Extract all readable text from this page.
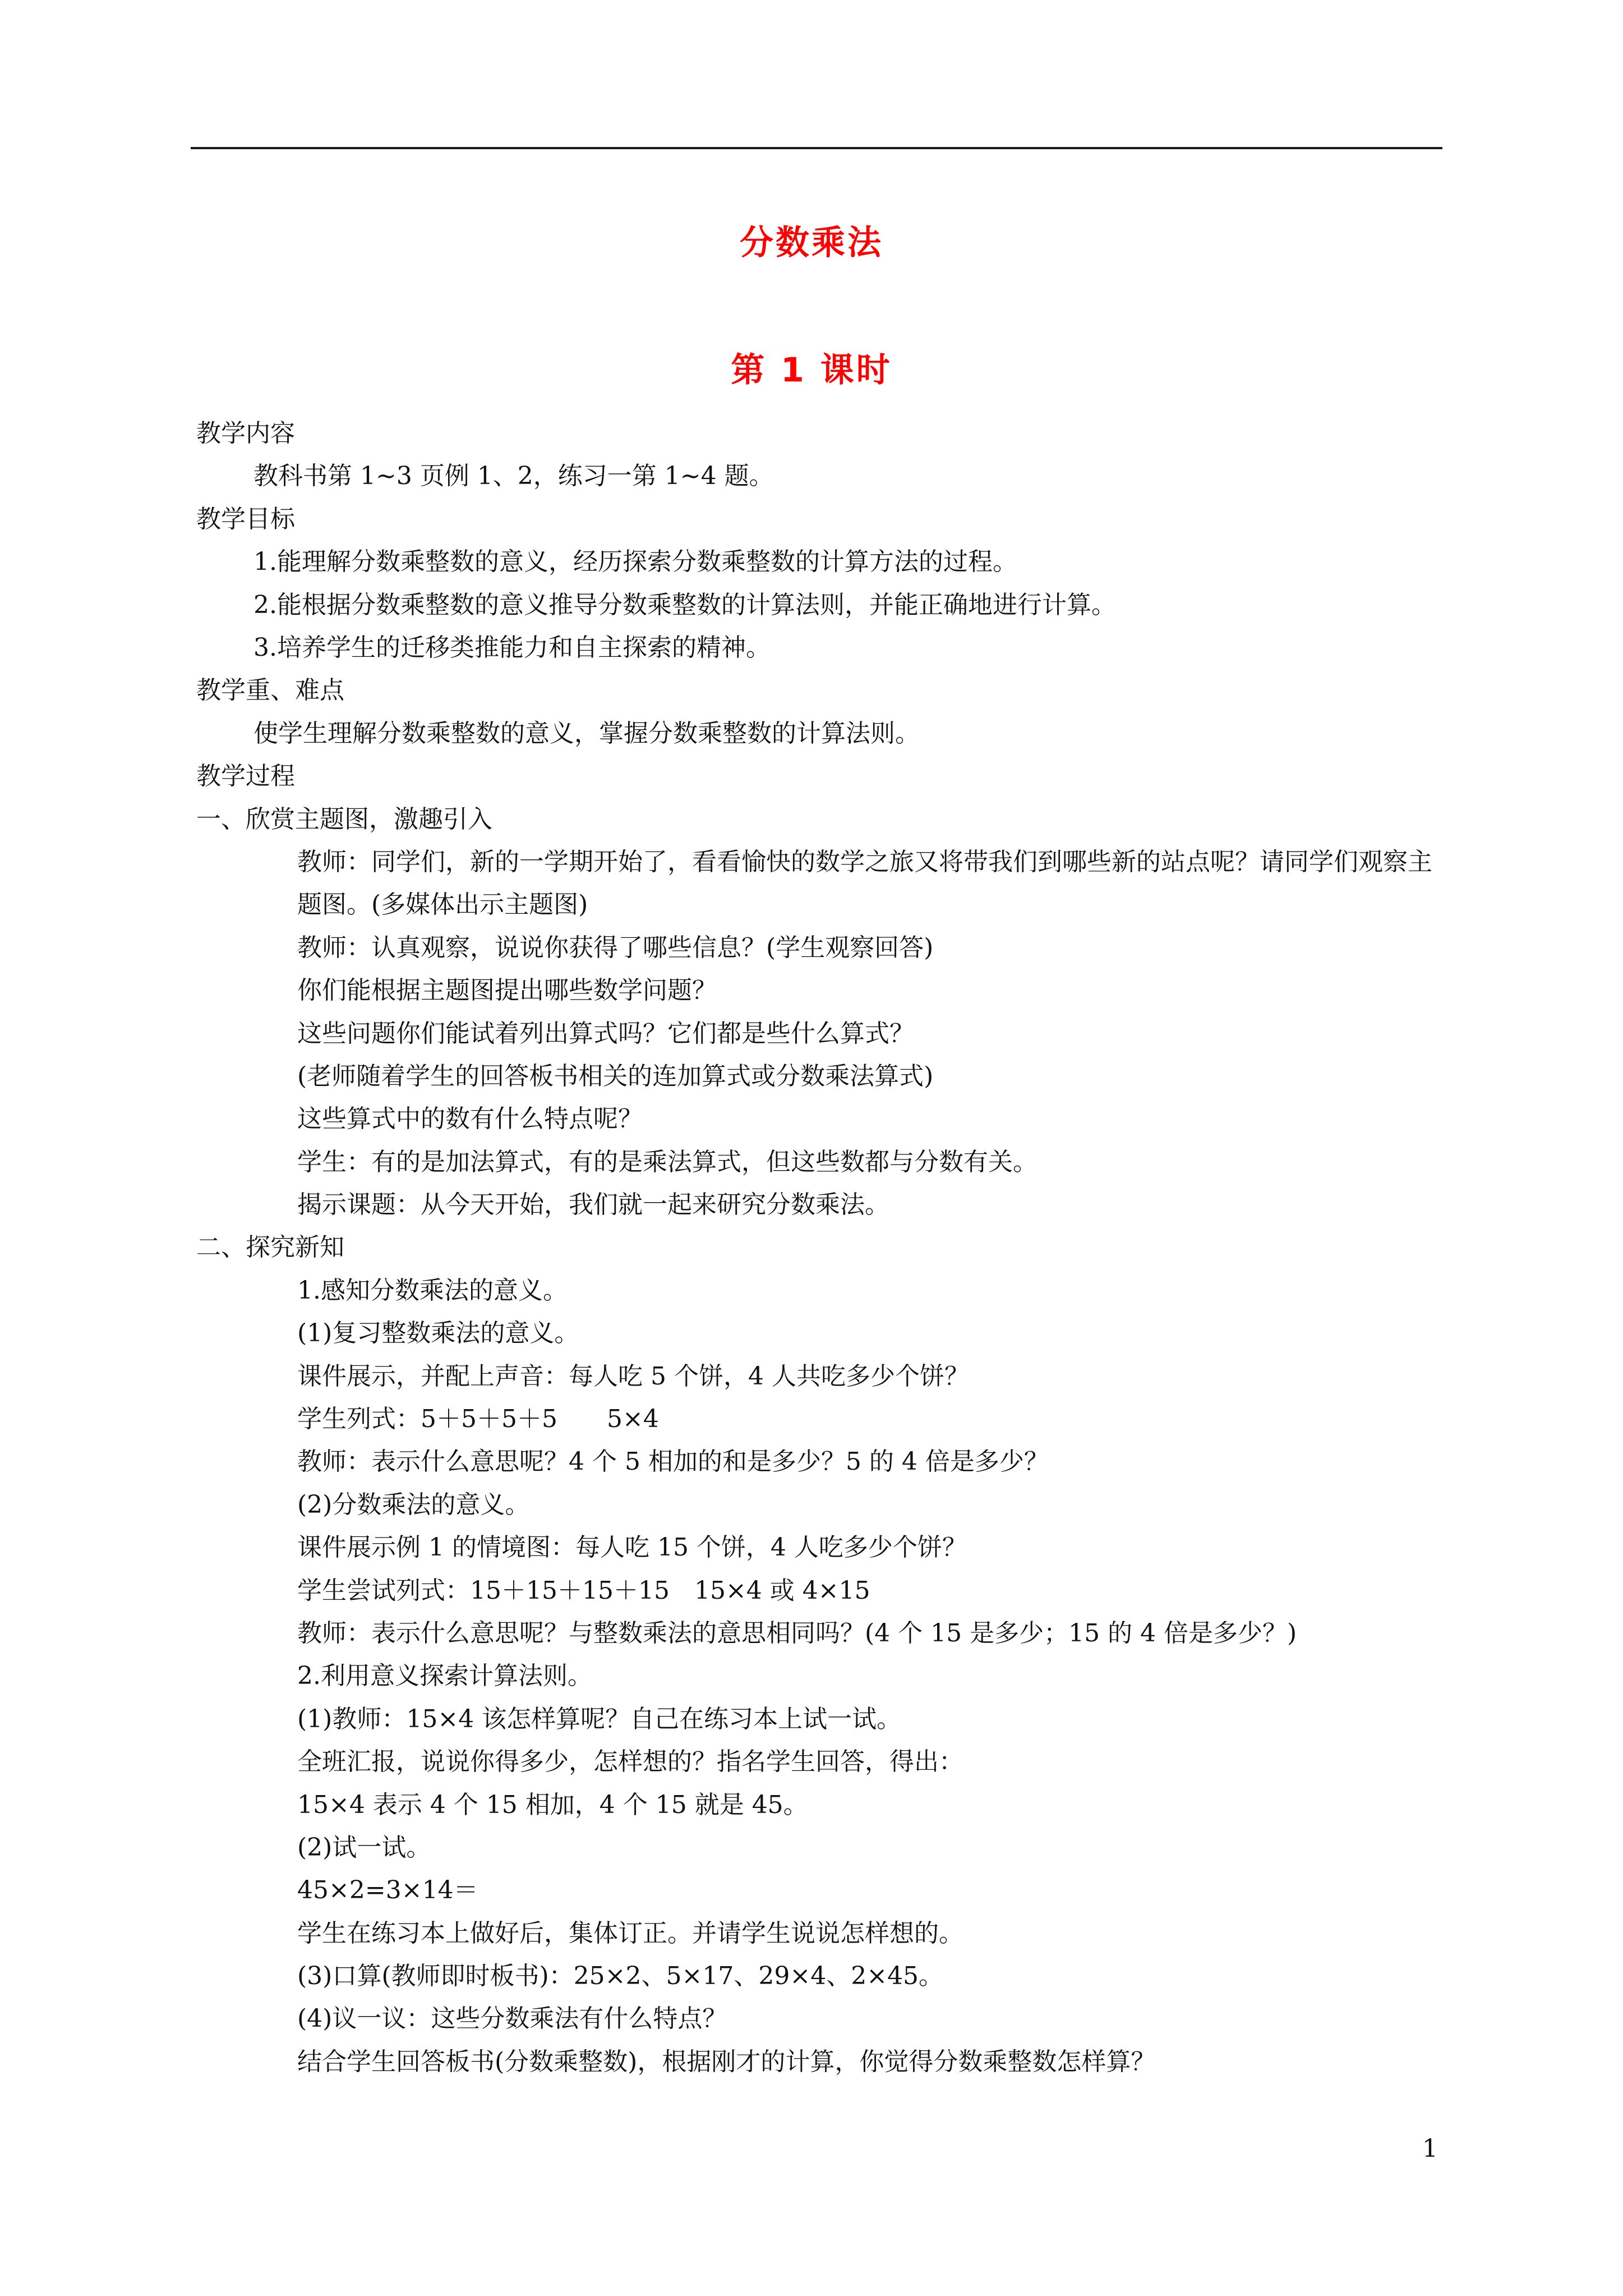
分数乘法
第 1 课时
教学内容
教科书第 1~3 页例 1、2，练习一第 1~4 题。
教学目标
1.能理解分数乘整数的意义，经历探索分数乘整数的计算方法的过程。
2.能根据分数乘整数的意义推导分数乘整数的计算法则，并能正确地进行计算。
3.培养学生的迁移类推能力和自主探索的精神。
教学重、难点
使学生理解分数乘整数的意义，掌握分数乘整数的计算法则。
教学过程
一、欣赏主题图，激趣引入
教师：同学们，新的一学期开始了，看看愉快的数学之旅又将带我们到哪些新的站点呢？请同学们观察主题图。(多媒体出示主题图)
教师：认真观察，说说你获得了哪些信息？(学生观察回答)
你们能根据主题图提出哪些数学问题？
这些问题你们能试着列出算式吗？它们都是些什么算式？
(老师随着学生的回答板书相关的连加算式或分数乘法算式)
这些算式中的数有什么特点呢？
学生：有的是加法算式，有的是乘法算式，但这些数都与分数有关。
揭示课题：从今天开始，我们就一起来研究分数乘法。
二、探究新知
1.感知分数乘法的意义。
(1)复习整数乘法的意义。
课件展示，并配上声音：每人吃 5 个饼，4 人共吃多少个饼？
学生列式：5＋5＋5＋5　　5×4
教师：表示什么意思呢？4 个 5 相加的和是多少？5 的 4 倍是多少？
(2)分数乘法的意义。
课件展示例 1 的情境图：每人吃 15 个饼，4 人吃多少个饼？
学生尝试列式：15＋15＋15＋15　15×4 或 4×15
教师：表示什么意思呢？与整数乘法的意思相同吗？(4 个 15 是多少；15 的 4 倍是多少？)
2.利用意义探索计算法则。
(1)教师：15×4 该怎样算呢？自己在练习本上试一试。
全班汇报，说说你得多少，怎样想的？指名学生回答，得出：
15×4 表示 4 个 15 相加，4 个 15 就是 45。
(2)试一试。
45×2=3×14＝
学生在练习本上做好后，集体订正。并请学生说说怎样想的。
(3)口算(教师即时板书)：25×2、5×17、29×4、2×45。
(4)议一议：这些分数乘法有什么特点？
结合学生回答板书(分数乘整数)，根据刚才的计算，你觉得分数乘整数怎样算？
1
